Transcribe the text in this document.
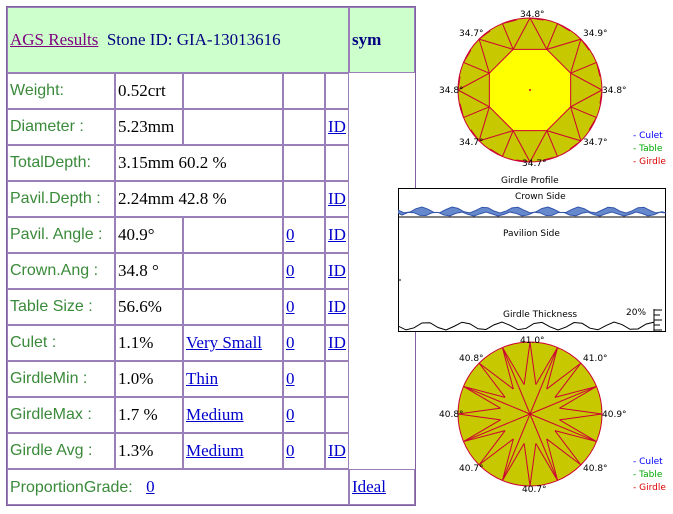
AGS Results Stone ID: GIA-13013616					sym
Weight:	0.52crt				
Diameter :	5.23mm			ID	
TotalDepth:	3.15mm 60.2 %				
Pavil.Depth :	2.24mm 42.8 %			ID	
Pavil. Angle :	40.9°		0	ID	
Crown.Ang :	34.8 °		0	ID	
Table Size :	56.6%		0	ID	
Culet :	1.1%	Very Small	0	ID	
GirdleMin :	1.0%	Thin	0		
GirdleMax :	1.7 %	Medium	0		
Girdle Avg :	1.3%	Medium	0	ID	
ProportionGrade: 0					Ideal
34.8°
34.7°	34.9°
34.8°	34.8°
34.7°	34.7°
34.7°
Girdle Profile
- Culet
- Table
- Girdle
Crown Side
Pavilion Side
Girdle Thickness	20%
41.0°
40.8°	41.0°
40.8°	40.9°
40.7°	40.8°
40.7°
- Culet
- Table
- Girdle
